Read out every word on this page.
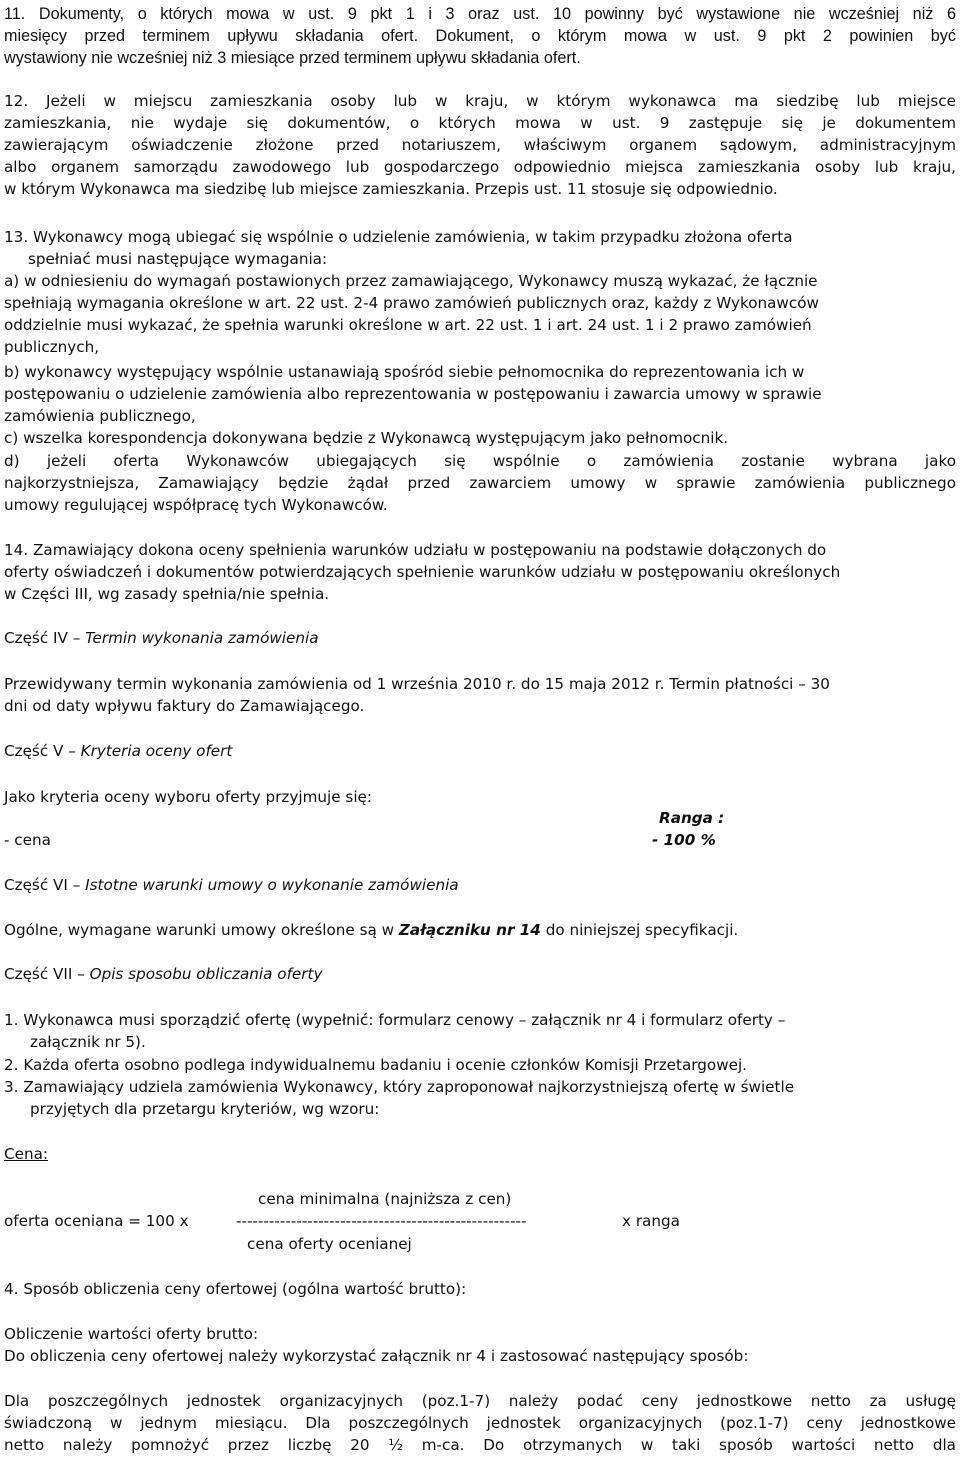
11. Dokumenty, o których mowa w ust. 9 pkt 1 i 3 oraz ust. 10 powinny być wystawione nie wcześniej niż 6
miesięcy przed terminem upływu składania ofert. Dokument, o którym mowa w ust. 9 pkt 2 powinien być
wystawiony nie wcześniej niż 3 miesiące przed terminem upływu składania ofert.
12. Jeżeli w miejscu zamieszkania osoby lub w kraju, w którym wykonawca ma siedzibę lub miejsce
zamieszkania, nie wydaje się dokumentów, o których mowa w ust. 9 zastępuje się je dokumentem
zawierającym oświadczenie złożone przed notariuszem, właściwym organem sądowym, administracyjnym
albo organem samorządu zawodowego lub gospodarczego odpowiednio miejsca zamieszkania osoby lub kraju,
w którym Wykonawca ma siedzibę lub miejsce zamieszkania. Przepis ust. 11 stosuje się odpowiednio.
13. Wykonawcy mogą ubiegać się wspólnie o udzielenie zamówienia, w takim przypadku złożona oferta
spełniać musi następujące wymagania:
a) w odniesieniu do wymagań postawionych przez zamawiającego, Wykonawcy muszą wykazać, że łącznie
spełniają wymagania określone w art. 22 ust. 2-4 prawo zamówień publicznych oraz, każdy z Wykonawców
oddzielnie musi wykazać, że spełnia warunki określone w art. 22 ust. 1 i art. 24 ust. 1 i 2 prawo zamówień
publicznych,
b) wykonawcy występujący wspólnie ustanawiają spośród siebie pełnomocnika do reprezentowania ich w
postępowaniu o udzielenie zamówienia albo reprezentowania w postępowaniu i zawarcia umowy w sprawie
zamówienia publicznego,
c) wszelka korespondencja dokonywana będzie z Wykonawcą występującym jako pełnomocnik.
d) jeżeli oferta Wykonawców ubiegających się wspólnie o zamówienia zostanie wybrana jako
najkorzystniejsza, Zamawiający będzie żądał przed zawarciem umowy w sprawie zamówienia publicznego
umowy regulującej współpracę tych Wykonawców.
14. Zamawiający dokona oceny spełnienia warunków udziału w postępowaniu na podstawie dołączonych do
oferty oświadczeń i dokumentów potwierdzających spełnienie warunków udziału w postępowaniu określonych
w Części III, wg zasady spełnia/nie spełnia.
Część IV – Termin wykonania zamówienia
Przewidywany termin wykonania zamówienia od 1 września 2010 r. do 15 maja 2012 r. Termin płatności – 30
dni od daty wpływu faktury do Zamawiającego.
Część V – Kryteria oceny ofert
Jako kryteria oceny wyboru oferty przyjmuje się:
Ranga :
- cena	- 100 %
Część VI – Istotne warunki umowy o wykonanie zamówienia
Ogólne, wymagane warunki umowy określone są w Załączniku nr 14 do niniejszej specyfikacji.
Część VII – Opis sposobu obliczania oferty
1. Wykonawca musi sporządzić ofertę (wypełnić: formularz cenowy – załącznik nr 4 i formularz oferty –
załącznik nr 5).
2. Każda oferta osobno podlega indywidualnemu badaniu i ocenie członków Komisji Przetargowej.
3. Zamawiający udziela zamówienia Wykonawcy, który zaproponował najkorzystniejszą ofertę w świetle
przyjętych dla przetargu kryteriów, wg wzoru:
Cena:
cena minimalna (najniższa z cen)
oferta oceniana = 100 x	-----------------------------------------------------	x ranga
cena oferty ocenianej
4. Sposób obliczenia ceny ofertowej (ogólna wartość brutto):
Obliczenie wartości oferty brutto:
Do obliczenia ceny ofertowej należy wykorzystać załącznik nr 4 i zastosować następujący sposób:
Dla poszczególnych jednostek organizacyjnych (poz.1-7) należy podać ceny jednostkowe netto za usługę
świadczoną w jednym miesiącu. Dla poszczególnych jednostek organizacyjnych (poz.1-7) ceny jednostkowe
netto należy pomnożyć przez liczbę 20 ½ m-ca. Do otrzymanych w taki sposób wartości netto dla
